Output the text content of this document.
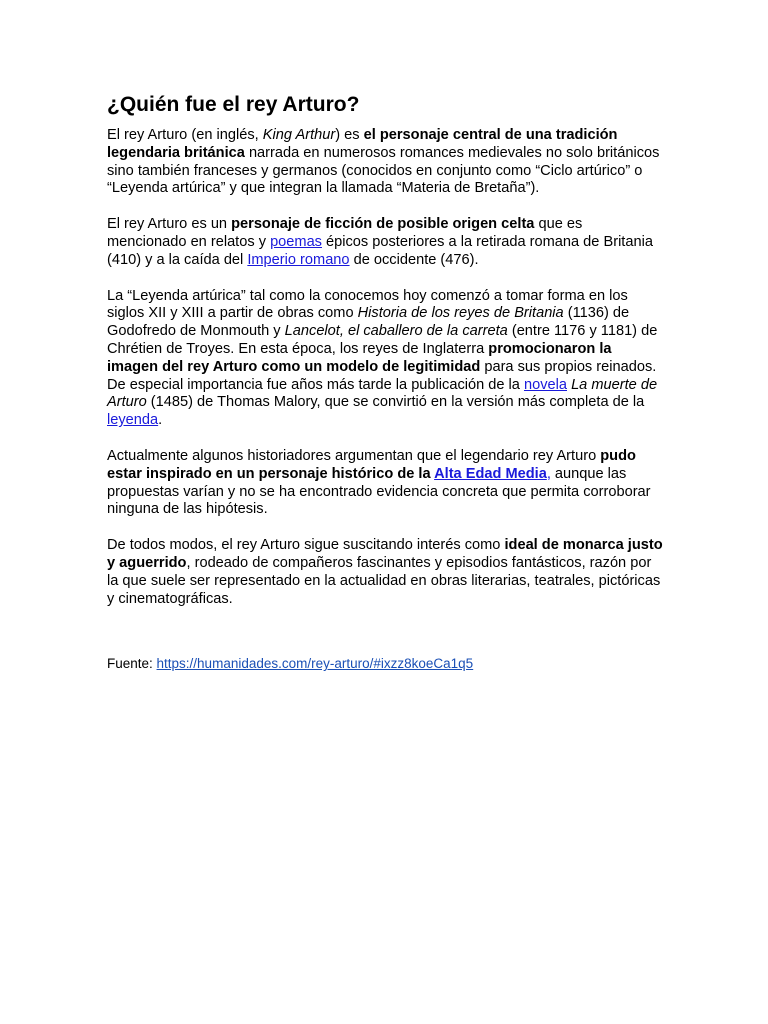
¿Quién fue el rey Arturo?

El rey Arturo (en inglés, King Arthur) es el personaje central de una tradición legendaria británica narrada en numerosos romances medievales no solo británicos sino también franceses y germanos (conocidos en conjunto como “Ciclo artúrico” o “Leyenda artúrica” y que integran la llamada “Materia de Bretaña”).

El rey Arturo es un personaje de ficción de posible origen celta que es mencionado en relatos y poemas épicos posteriores a la retirada romana de Britania (410) y a la caída del Imperio romano de occidente (476).

La “Leyenda artúrica” tal como la conocemos hoy comenzó a tomar forma en los siglos XII y XIII a partir de obras como Historia de los reyes de Britania (1136) de Godofredo de Monmouth y Lancelot, el caballero de la carreta (entre 1176 y 1181) de Chrétien de Troyes. En esta época, los reyes de Inglaterra promocionaron la imagen del rey Arturo como un modelo de legitimidad para sus propios reinados. De especial importancia fue años más tarde la publicación de la novela La muerte de Arturo (1485) de Thomas Malory, que se convirtió en la versión más completa de la leyenda.

Actualmente algunos historiadores argumentan que el legendario rey Arturo pudo estar inspirado en un personaje histórico de la Alta Edad Media, aunque las propuestas varían y no se ha encontrado evidencia concreta que permita corroborar ninguna de las hipótesis.

De todos modos, el rey Arturo sigue suscitando interés como ideal de monarca justo y aguerrido, rodeado de compañeros fascinantes y episodios fantásticos, razón por la que suele ser representado en la actualidad en obras literarias, teatrales, pictóricas y cinematográficas.

Fuente: https://humanidades.com/rey-arturo/#ixzz8koeCa1q5
